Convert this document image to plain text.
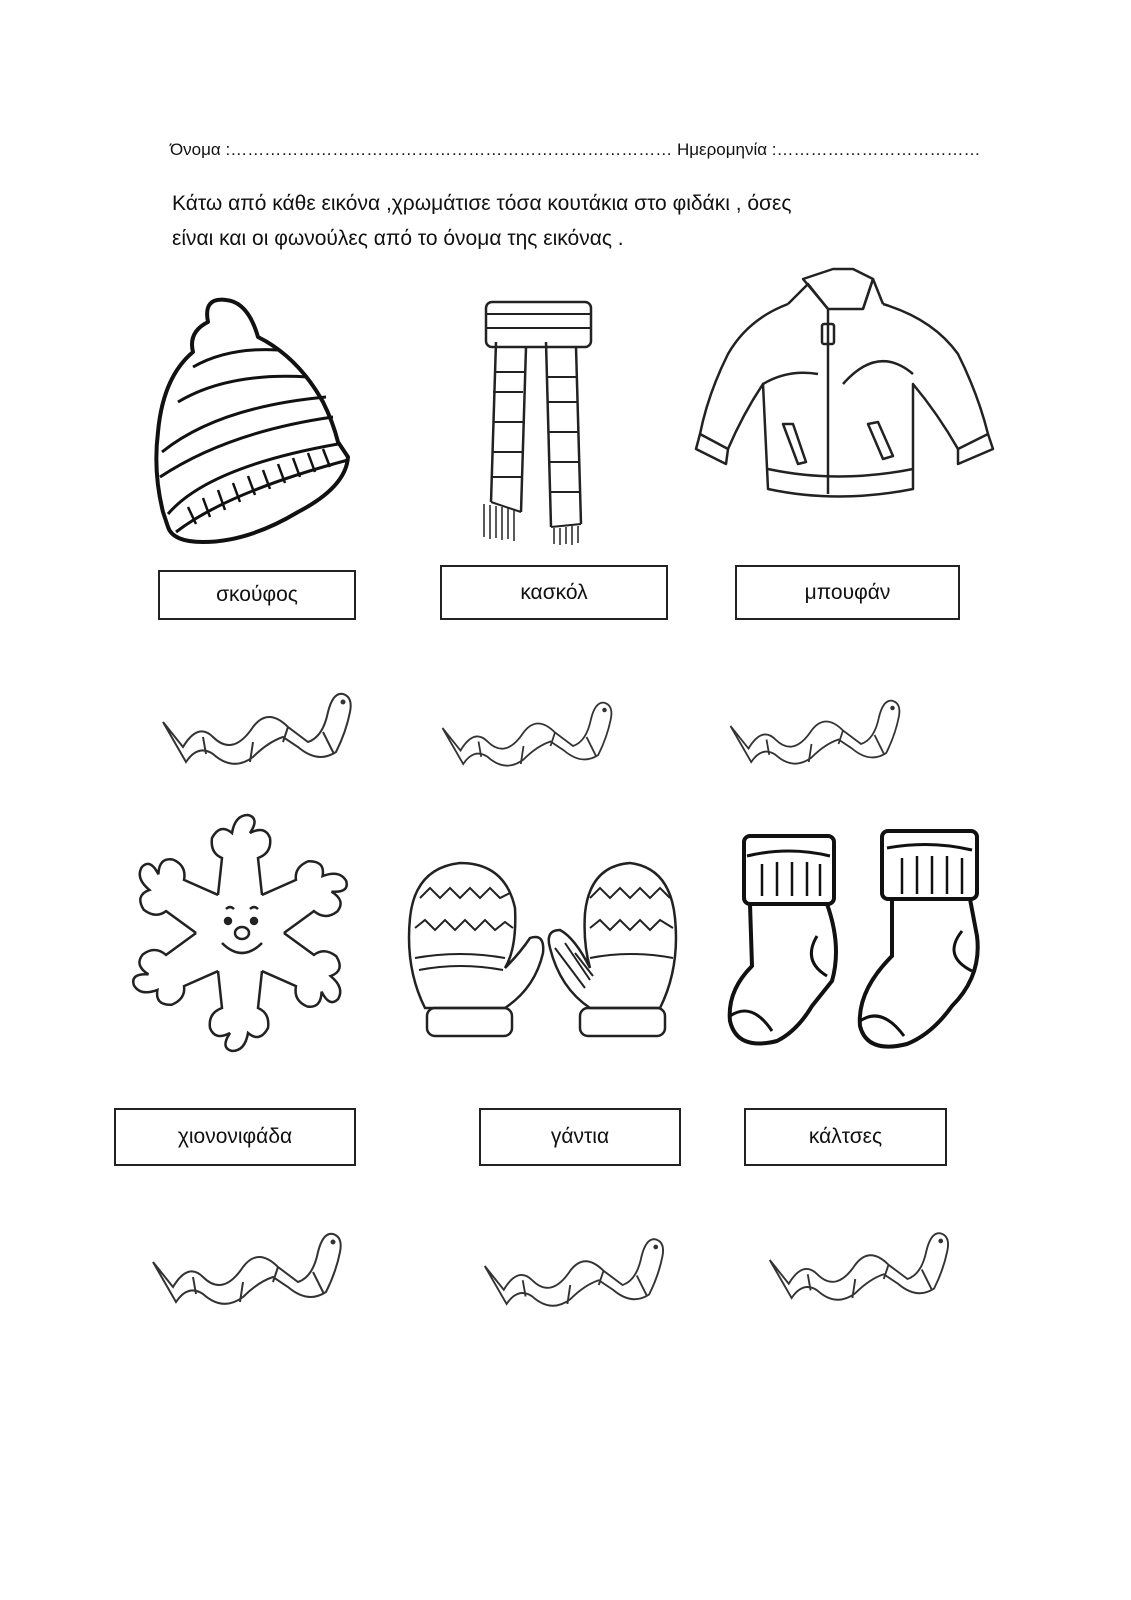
Όνομα :…………………………………………………………………… Ημερομηνία :………………………………
Κάτω από κάθε εικόνα ,χρωμάτισε τόσα κουτάκια στο φιδάκι , όσες
είναι και οι φωνούλες από το όνομα της εικόνας .
σκούφος	κασκόλ	μπουφάν
χιονονιφάδα	γάντια	κάλτσες
